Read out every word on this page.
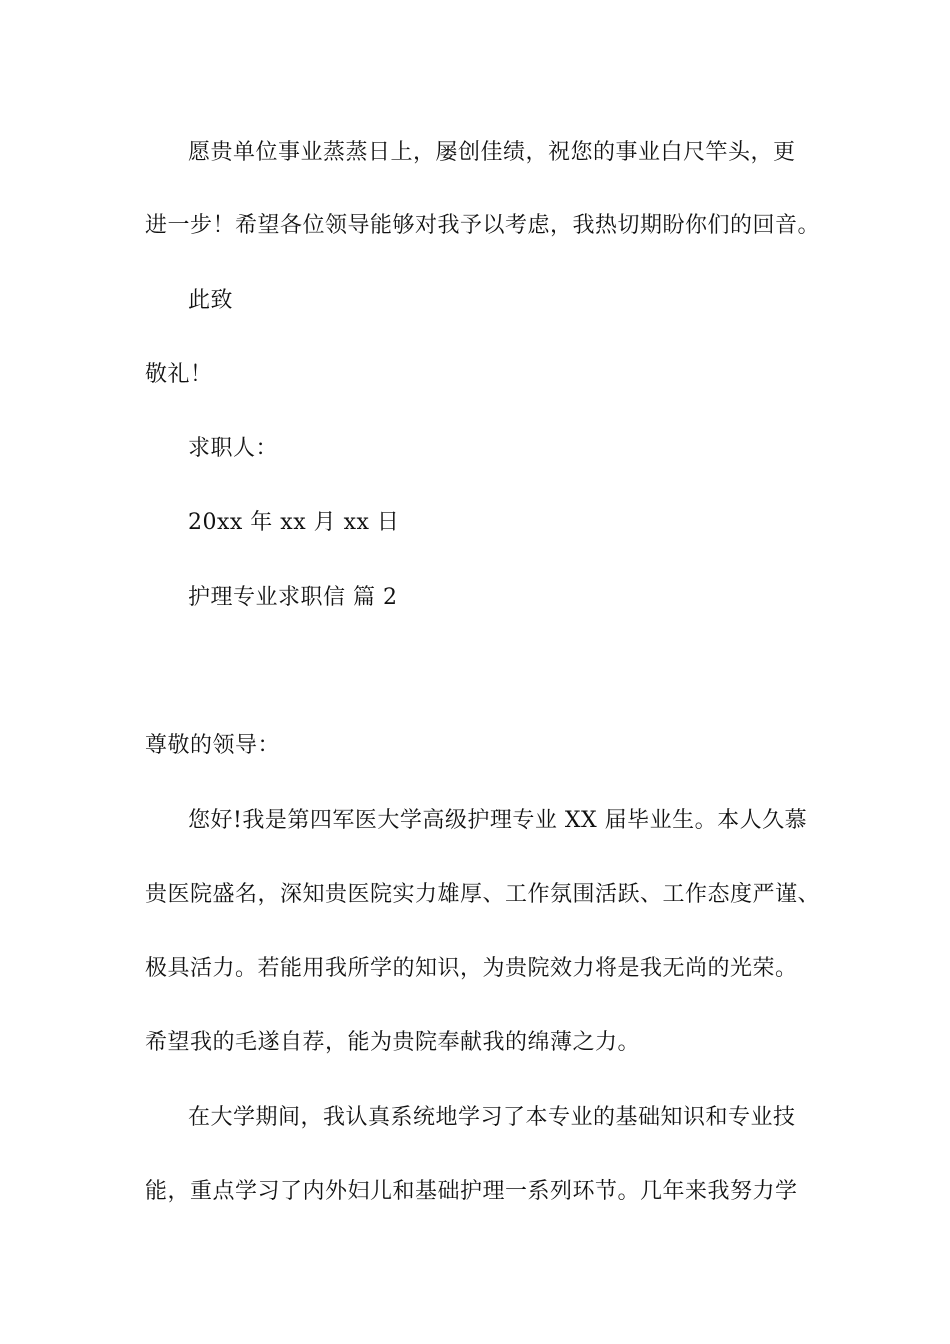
愿贵单位事业蒸蒸日上，屡创佳绩，祝您的事业白尺竿头，更
进一步！希望各位领导能够对我予以考虑，我热切期盼你们的回音。
此致
敬礼！
求职人：
20xx 年 xx 月 xx 日
护理专业求职信 篇 2
尊敬的领导：
您好!我是第四军医大学高级护理专业 XX 届毕业生。本人久慕
贵医院盛名，深知贵医院实力雄厚、工作氛围活跃、工作态度严谨、
极具活力。若能用我所学的知识，为贵院效力将是我无尚的光荣。
希望我的毛遂自荐，能为贵院奉献我的绵薄之力。
在大学期间，我认真系统地学习了本专业的基础知识和专业技
能，重点学习了内外妇儿和基础护理一系列环节。几年来我努力学
